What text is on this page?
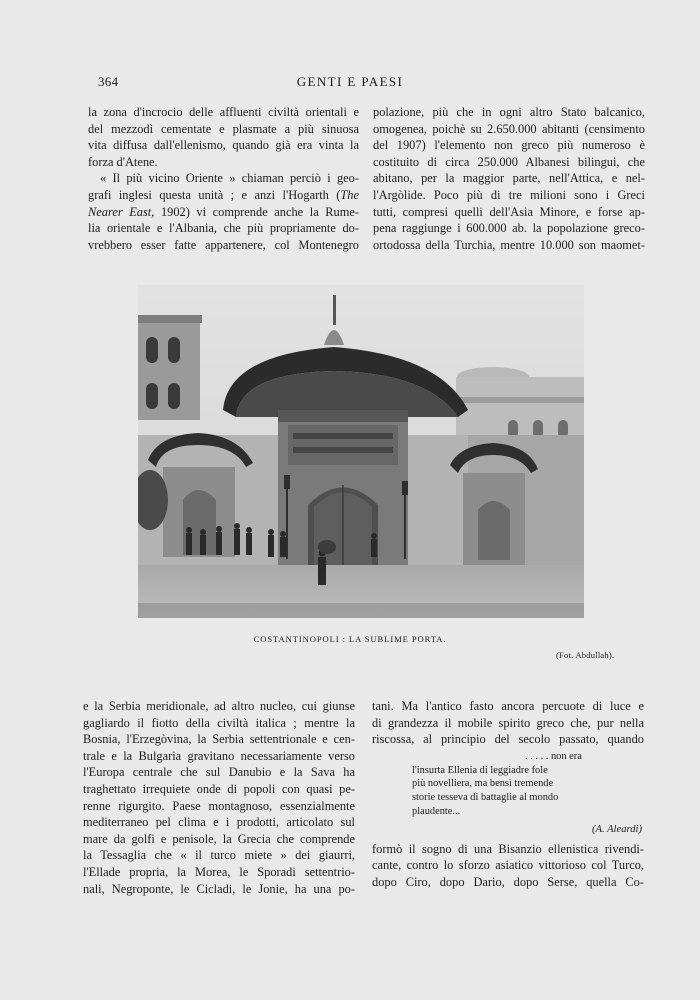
364	GENTI E PAESI
la zona d'incrocio delle affluenti civiltà orientali e
del mezzodì cementate e plasmate a più sinuosa
vita diffusa dall'ellenismo, quando già era vinta la
forza d'Atene.
« Il più vicino Oriente » chiaman perciò i geo-
grafi inglesi questa unità ; e anzi l'Hogarth (The
Nearer East, 1902) vi comprende anche la Rume-
lia orientale e l'Albania, che più propriamente do-
vrebbero esser fatte appartenere, col Montenegro
polazione, più che in ogni altro Stato balcanico,
omogenea, poichè su 2.650.000 abitanti (censimento
del 1907) l'elemento non greco più numeroso è
costituito di circa 250.000 Albanesi bilingui, che
abitano, per la maggior parte, nell'Attica, e nel-
l'Argòlide. Poco più di tre milioni sono i Greci
tutti, compresi quelli dell'Asia Minore, e forse ap-
pena raggiunge i 600.000 ab. la popolazione greco-
ortodossa della Turchia, mentre 10.000 son maomet-
COSTANTINOPOLI : LA SUBLIME PORTA.
(Fot. Abdullah).
e la Serbia meridionale, ad altro nucleo, cui giunse
gagliardo il fiotto della civiltà italica ; mentre la
Bosnia, l'Erzegòvina, la Serbia settentrionale e cen-
trale e la Bulgaria gravitano necessariamente verso
l'Europa centrale che sul Danubio e la Sava ha
traghettato irrequiete onde di popoli con quasi pe-
renne rigurgito. Paese montagnoso, essenzialmente
mediterraneo pel clima e i prodotti, articolato sul
mare da golfi e penisole, la Grecia che comprende
la Tessaglia che « il turco miete » dei giaurri,
l'Ellade propria, la Morea, le Sporadi settentrio-
nali, Negroponte, le Cicladi, le Jonie, ha una po-
tani. Ma l'antico fasto ancora percuote di luce e
di grandezza il mobile spirito greco che, pur nella
riscossa, al principio del secolo passato, quando
. . . . . non era
l'insurta Ellenia di leggiadre fole
più novelliera, ma bensì tremende
storie tesseva di battaglie al mondo
plaudente...
(A. Aleardi)
formò il sogno di una Bisanzio ellenistica rivendi-
cante, contro lo sforzo asiatico vittorioso col Turco,
dopo Ciro, dopo Dario, dopo Serse, quella Co-
